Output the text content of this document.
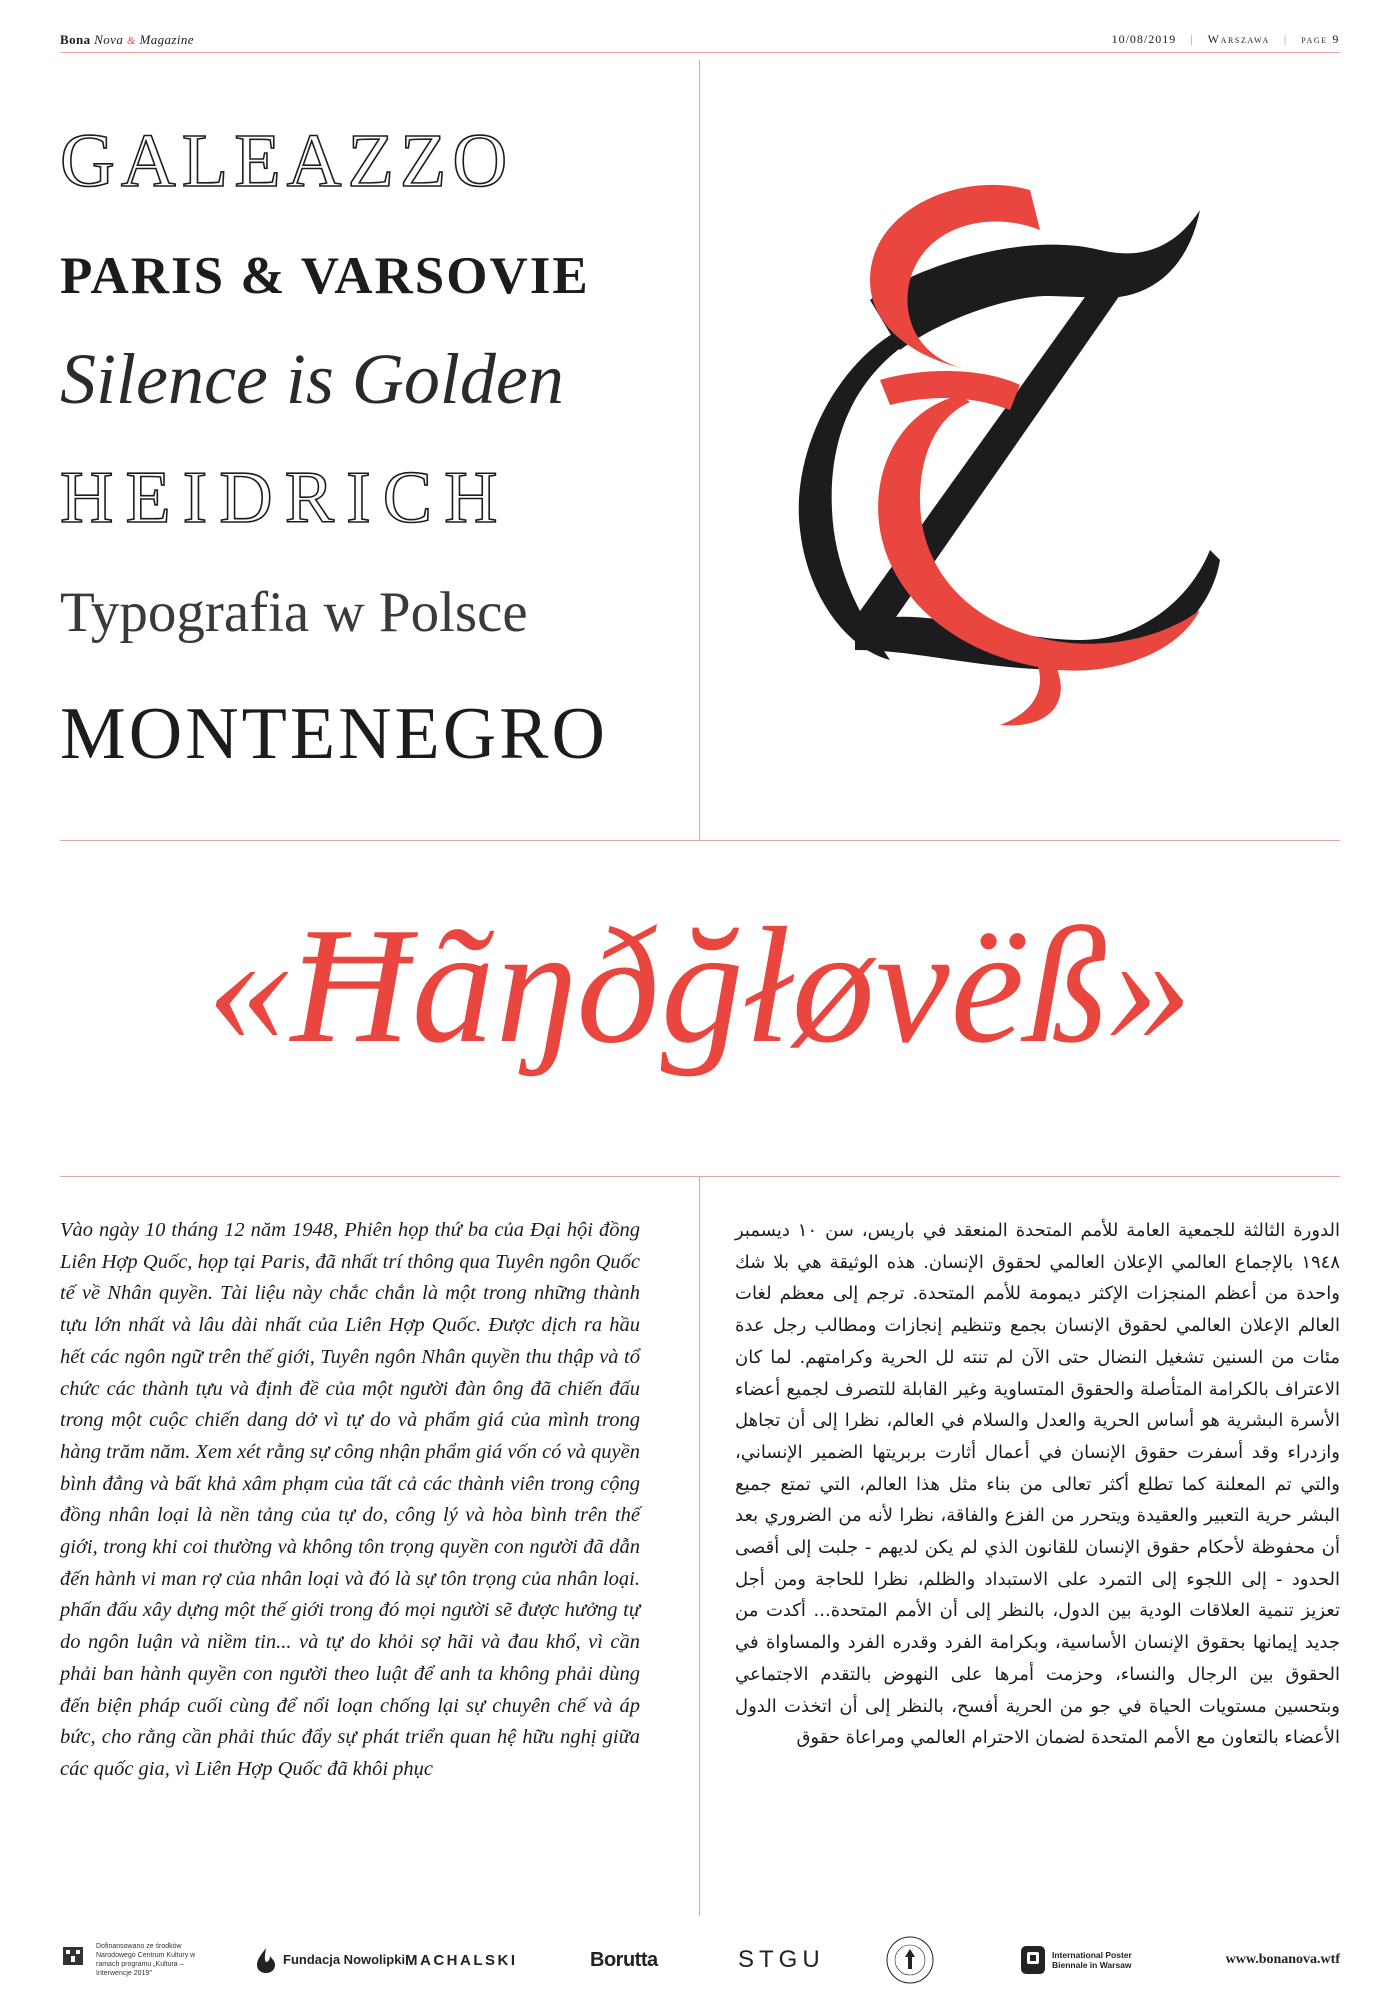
Bona Nova & Magazine	10/08/2019 | Warszawa | page 9
GALEAZZO
PARIS & VARSOVIE
Silence is Golden
HEIDRICH
Typografia w Polsce
MONTENEGRO
«Ħãŋðğłøvëß»
Vào ngày 10 tháng 12 năm 1948, Phiên họp thứ ba của Đại hội đồng Liên Hợp Quốc, họp tại Paris, đã nhất trí thông qua Tuyên ngôn Quốc tế về Nhân quyền. Tài liệu này chắc chắn là một trong những thành tựu lớn nhất và lâu dài nhất của Liên Hợp Quốc. Được dịch ra hầu hết các ngôn ngữ trên thế giới, Tuyên ngôn Nhân quyền thu thập và tổ chức các thành tựu và định đề của một người đàn ông đã chiến đấu trong một cuộc chiến dang dở vì tự do và phẩm giá của mình trong hàng trăm năm. Xem xét rằng sự công nhận phẩm giá vốn có và quyền bình đẳng và bất khả xâm phạm của tất cả các thành viên trong cộng đồng nhân loại là nền tảng của tự do, công lý và hòa bình trên thế giới, trong khi coi thường và không tôn trọng quyền con người đã dẫn đến hành vi man rợ của nhân loại và đó là sự tôn trọng của nhân loại. phấn đấu xây dựng một thế giới trong đó mọi người sẽ được hưởng tự do ngôn luận và niềm tin... và tự do khỏi sợ hãi và đau khổ, vì cần phải ban hành quyền con người theo luật để anh ta không phải dùng đến biện pháp cuối cùng để nổi loạn chống lại sự chuyên chế và áp bức, cho rằng cần phải thúc đẩy sự phát triển quan hệ hữu nghị giữa các quốc gia, vì Liên Hợp Quốc đã khôi phục
الدورة الثالثة للجمعية العامة للأمم المتحدة المنعقد في باريس، سن ١٠ ديسمبر ١٩٤٨ بالإجماع العالمي الإعلان العالمي لحقوق الإنسان. هذه الوثيقة هي بلا شك واحدة من أعظم المنجزات الإكثر ديمومة للأمم المتحدة. ترجم إلى معظم لغات العالم الإعلان العالمي لحقوق الإنسان بجمع وتنظيم إنجازات ومطالب رجل عدة مئات من السنين تشغيل النضال حتى الآن لم تنته لل الحرية وكرامتهم. لما كان الاعتراف بالكرامة المتأصلة والحقوق المتساوية وغير القابلة للتصرف لجميع أعضاء الأسرة البشرية هو أساس الحرية والعدل والسلام في العالم، نظرا إلى أن تجاهل وازدراء وقد أسفرت حقوق الإنسان في أعمال أثارت بربريتها الضمير الإنساني، والتي تم المعلنة كما تطلع أكثر تعالى من بناء مثل هذا العالم، التي تمتع جميع البشر حرية التعبير والعقيدة ويتحرر من الفزع والفاقة، نظرا لأنه من الضروري بعد أن محفوظة لأحكام حقوق الإنسان للقانون الذي لم يكن لديهم - جلبت إلى أقصى الحدود - إلى اللجوء إلى التمرد على الاستبداد والظلم، نظرا للحاجة ومن أجل تعزيز تنمية العلاقات الودية بين الدول، بالنظر إلى أن الأمم المتحدة... أكدت من جديد إيمانها بحقوق الإنسان الأساسية، وبكرامة الفرد وقدره الفرد والمساواة في الحقوق بين الرجال والنساء، وحزمت أمرها على النهوض بالتقدم الاجتماعي وبتحسين مستويات الحياة في جو من الحرية أفسح، بالنظر إلى أن اتخذت الدول الأعضاء بالتعاون مع الأمم المتحدة لضمان الاحترام العالمي ومراعاة حقوق
Dofinansowano ze środków Narodowego Centrum Kultury w ramach programu „Kultura – Interwencje 2019"
Fundacja Nowolipki MACHALSKI	Borutta	STGU	International Poster Biennale in Warsaw	www.bonanova.wtf
